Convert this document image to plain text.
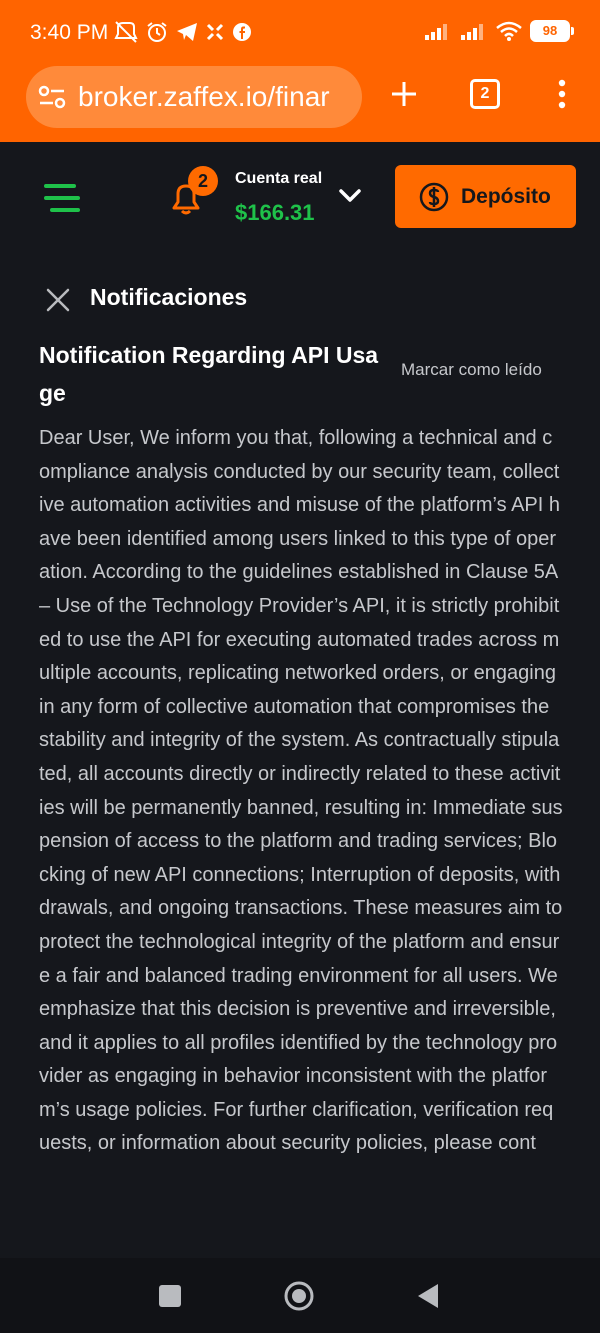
3:40 PM	98
broker.zaffex.io/finar	2
2	Cuenta real
$166.31
Depósito
Notificaciones
Notification Regarding API Usage
Marcar como leído
Dear User, We inform you that, following a technical and compliance analysis conducted by our security team, collective automation activities and misuse of the platform’s API have been identified among users linked to this type of operation. According to the guidelines established in Clause 5A – Use of the Technology Provider’s API, it is strictly prohibited to use the API for executing automated trades across multiple accounts, replicating networked orders, or engaging in any form of collective automation that compromises the stability and integrity of the system. As contractually stipulated, all accounts directly or indirectly related to these activities will be permanently banned, resulting in: Immediate suspension of access to the platform and trading services; Blocking of new API connections; Interruption of deposits, withdrawals, and ongoing transactions. These measures aim to protect the technological integrity of the platform and ensure a fair and balanced trading environment for all users. We emphasize that this decision is preventive and irreversible, and it applies to all profiles identified by the technology provider as engaging in behavior inconsistent with the platform’s usage policies. For further clarification, verification requests, or information about security policies, please cont
